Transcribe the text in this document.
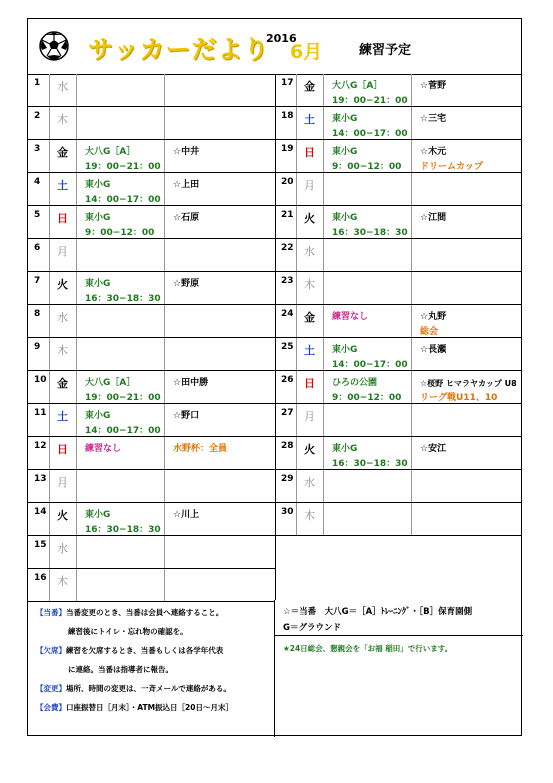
サッカーだより
2016
6月	練習予定
1	水
2	木
3	金	大八G［A］
19：00−21：00
☆中井
4	土	東小G
14：00−17：00
☆上田
5	日	東小G
9：00−12：00
☆石原
6	月
7	火	東小G
16：30−18：30
☆野原
8	水
9	木
10 金	大八G［A］
19：00−21：00
☆田中勝
11 土	東小G
14：00−17：00
☆野口
12 日	練習なし	水野杯：全員
13 月
14 火	東小G
16：30−18：30
☆川上
15 水
16 木
17 金	大八G［A］
19：00−21：00
☆菅野
18 土	東小G
14：00−17：00
☆三宅
19 日	東小G
9：00−12：00
☆木元
ドリームカップ
20 月
21 火	東小G
16：30−18：30
☆江間
22 水
23 木
24 金	練習なし	☆丸野
総会
25 土	東小G
14：00−17：00
☆長瀬
26 日	ひろの公園
9：00−12：00
☆桜野 ヒマラヤカップ U8
リーグ戦U11、10
27 月
28 火	東小G
16：30−18：30
☆安江
29 水
30 木
☆＝当番　大八G＝［A］ﾄﾚｰﾆﾝｸﾞ・［B］保育園側
G＝グラウンド
★24日総会、懇親会を「お福 稲田」で行います。
【当番】当番変更のとき、当番は会員へ連絡すること。
練習後にトイレ・忘れ物の確認を。
【欠席】練習を欠席するとき、当番もしくは各学年代表
に連絡。当番は指導者に報告。
【変更】場所、時間の変更は、一斉メールで連絡がある。
【会費】口座振替日［月末］・ATM振込日［20日〜月末］
